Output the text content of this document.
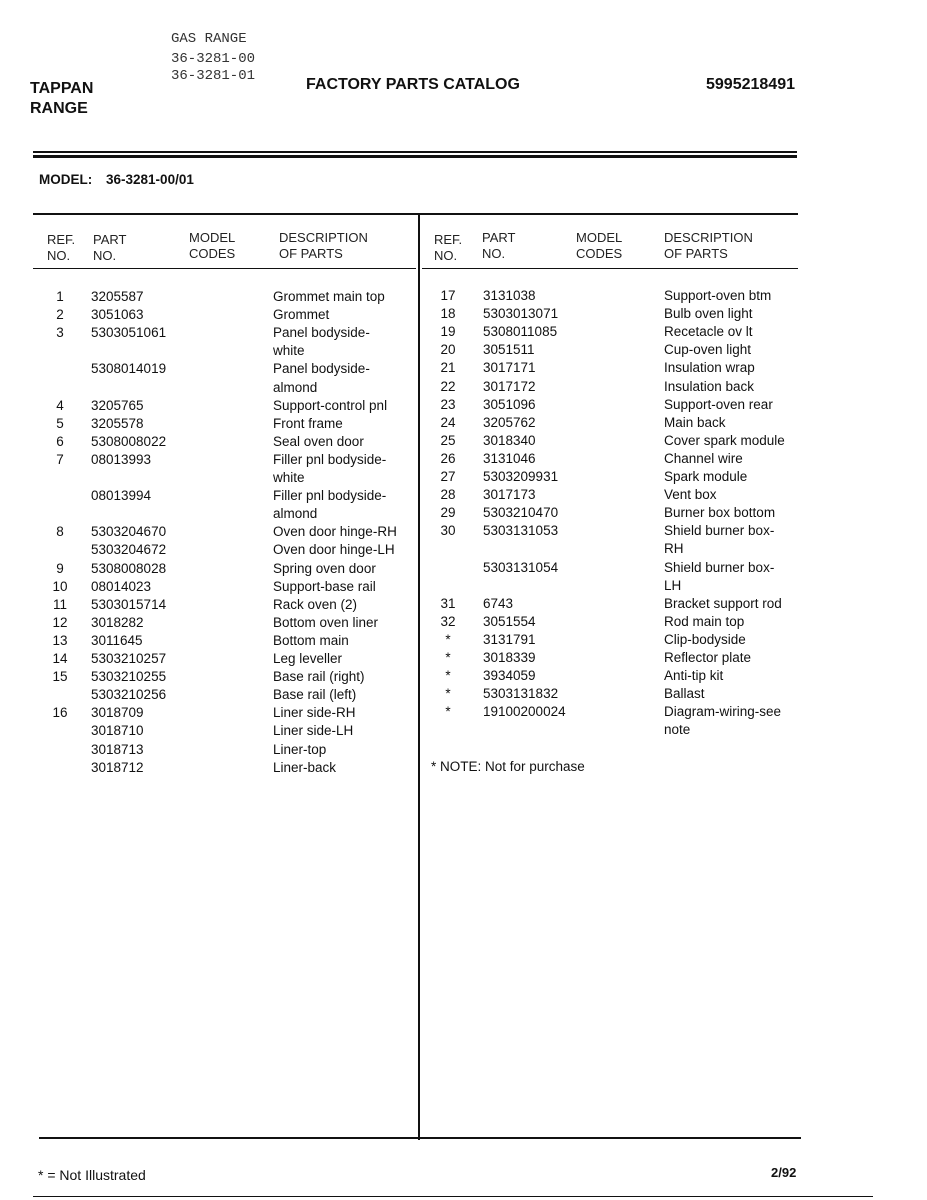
GAS RANGE
36-3281-00
36-3281-01
TAPPAN
RANGE
FACTORY PARTS CATALOG	5995218491
MODEL: 36-3281-00/01
REF.
NO.
PART
NO.
MODEL
CODES
DESCRIPTION
OF PARTS
REF.
NO.
PART
NO.
MODEL
CODES
DESCRIPTION
OF PARTS
1	3205587	Grommet main top
2	3051063	Grommet
3	5303051061	Panel bodyside-
white
5308014019	Panel bodyside-
almond
4	3205765	Support-control pnl
5	3205578	Front frame
6	5308008022	Seal oven door
7	08013993	Filler pnl bodyside-
white
08013994	Filler pnl bodyside-
almond
8	5303204670	Oven door hinge-RH
5303204672	Oven door hinge-LH
9	5308008028	Spring oven door
10	08014023	Support-base rail
11	5303015714	Rack oven (2)
12	3018282	Bottom oven liner
13	3011645	Bottom main
14	5303210257	Leg leveller
15	5303210255	Base rail (right)
5303210256	Base rail (left)
16	3018709	Liner side-RH
3018710	Liner side-LH
3018713	Liner-top
3018712	Liner-back
17	3131038	Support-oven btm
18	5303013071	Bulb oven light
19	5308011085	Recetacle ov lt
20	3051511	Cup-oven light
21	3017171	Insulation wrap
22	3017172	Insulation back
23	3051096	Support-oven rear
24	3205762	Main back
25	3018340	Cover spark module
26	3131046	Channel wire
27	5303209931	Spark module
28	3017173	Vent box
29	5303210470	Burner box bottom
30	5303131053	Shield burner box-
RH
5303131054	Shield burner box-
LH
31	6743	Bracket support rod
32	3051554	Rod main top
*	3131791	Clip-bodyside
*	3018339	Reflector plate
*	3934059	Anti-tip kit
*	5303131832	Ballast
*	19100200024	Diagram-wiring-see
note
* NOTE: Not for purchase
* = Not Illustrated	2/92
